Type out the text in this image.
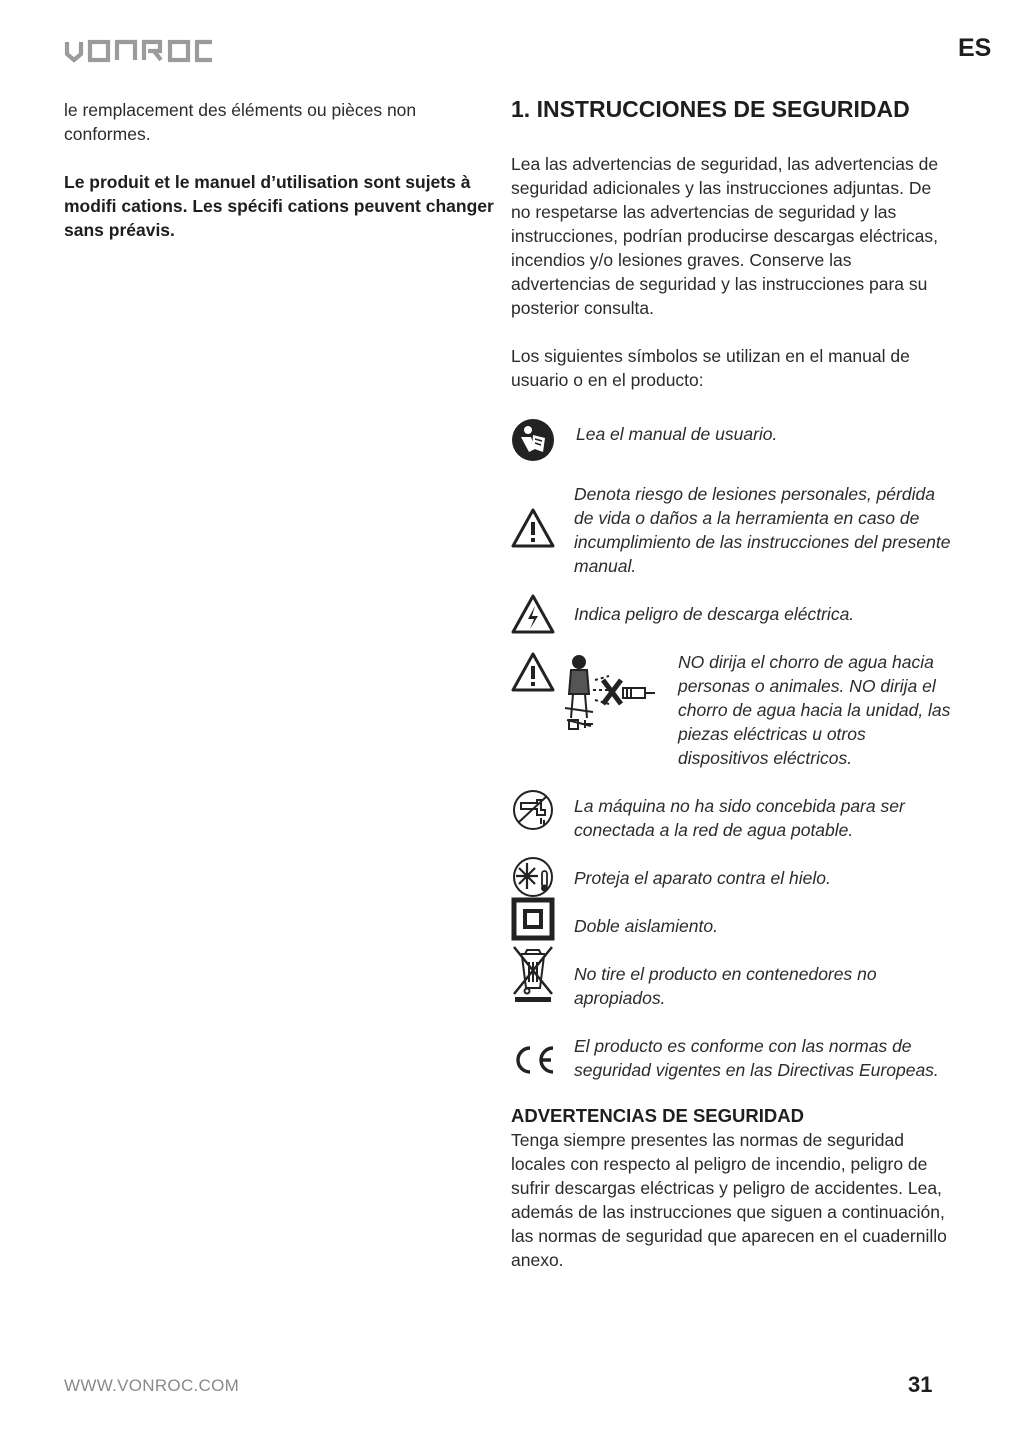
ES

le remplacement des éléments ou pièces non conformes.

Le produit et le manuel d’utilisation sont sujets à modifi cations. Les spécifi cations peuvent changer sans préavis.

1. INSTRUCCIONES DE SEGURIDAD

Lea las advertencias de seguridad, las advertencias de seguridad adicionales y las instrucciones adjuntas. De no respetarse las advertencias de seguridad y las instrucciones, podrían producirse descargas eléctricas, incendios y/o lesiones graves. Conserve las advertencias de seguridad y las instrucciones para su posterior consulta.

Los siguientes símbolos se utilizan en el manual de usuario o en el producto:

Lea el manual de usuario.
Denota riesgo de lesiones personales, pérdida de vida o daños a la herramienta en caso de incumplimiento de las instrucciones del presente manual.
Indica peligro de descarga eléctrica.
NO dirija el chorro de agua hacia personas o animales. NO dirija el chorro de agua hacia la unidad, las piezas eléctricas u otros dispositivos eléctricos.
La máquina no ha sido concebida para ser conectada a la red de agua potable.
Proteja el aparato contra el hielo.
Doble aislamiento.
No tire el producto en contenedores no apropiados.
El producto es conforme con las normas de seguridad vigentes en las Directivas Europeas.
ADVERTENCIAS DE SEGURIDAD

Tenga siempre presentes las normas de seguridad locales con respecto al peligro de incendio, peligro de sufrir descargas eléctricas y peligro de accidentes. Lea, además de las instrucciones que siguen a continuación, las normas de seguridad que aparecen en el cuadernillo anexo.

WWW.VONROC.COM	31
